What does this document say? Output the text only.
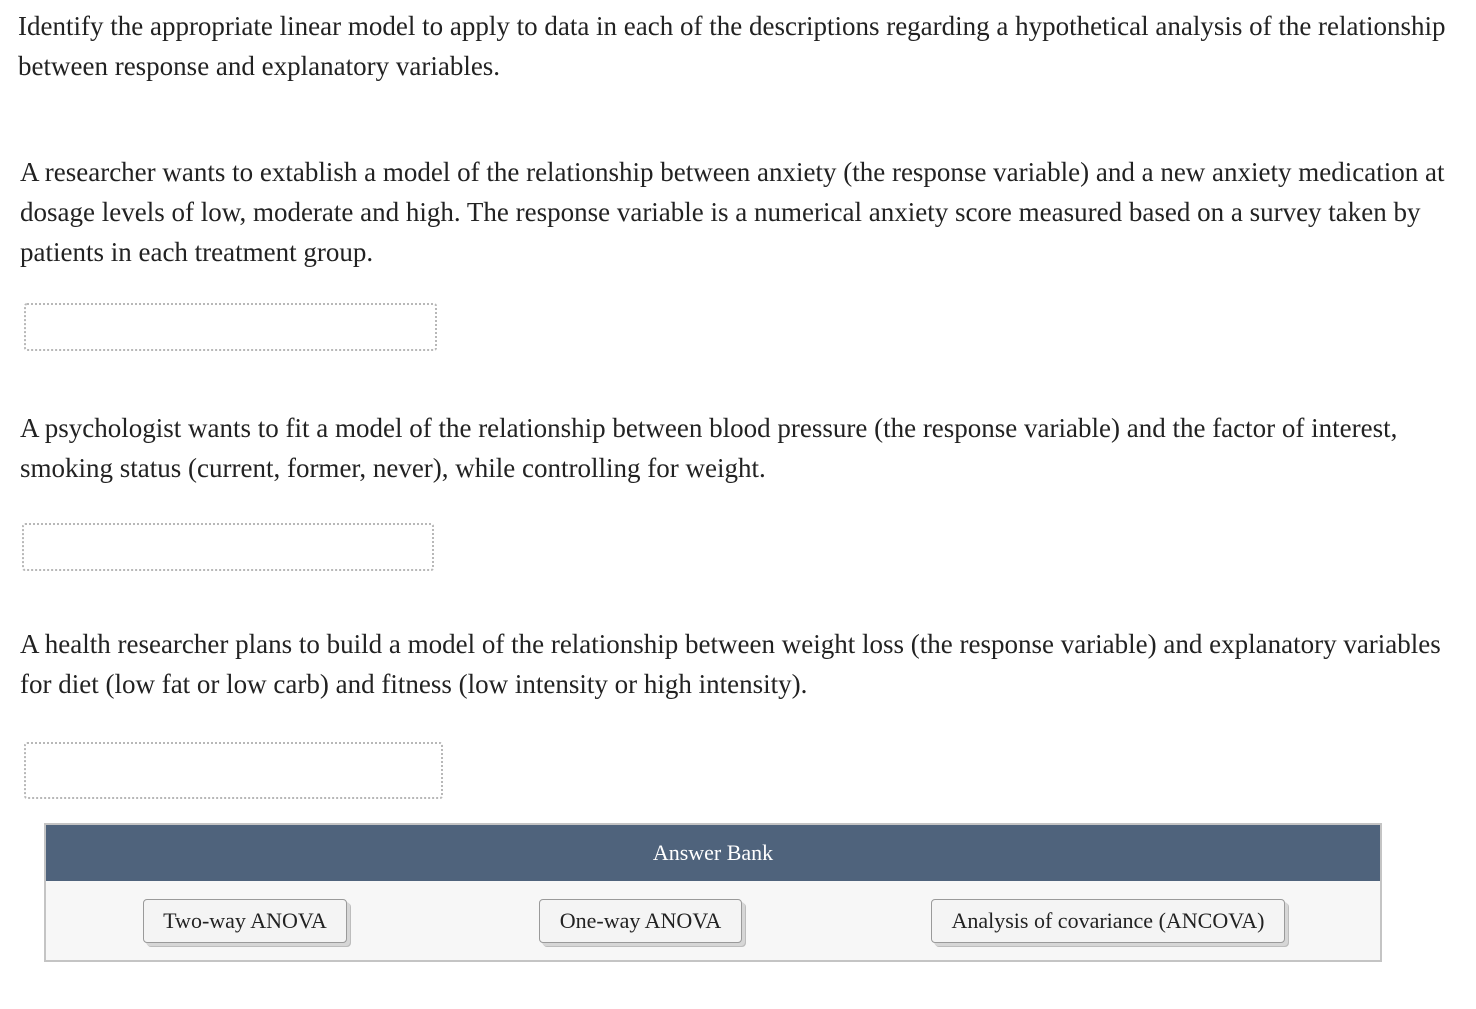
Identify the appropriate linear model to apply to data in each of the descriptions regarding a hypothetical analysis of the relationship between response and explanatory variables.

A researcher wants to extablish a model of the relationship between anxiety (the response variable) and a new anxiety medication at dosage levels of low, moderate and high. The response variable is a numerical anxiety score measured based on a survey taken by patients in each treatment group.

A psychologist wants to fit a model of the relationship between blood pressure (the response variable) and the factor of interest, smoking status (current, former, never), while controlling for weight.

A health researcher plans to build a model of the relationship between weight loss (the response variable) and explanatory variables for diet (low fat or low carb) and fitness (low intensity or high intensity).

Answer Bank
Two-way ANOVA	One-way ANOVA	Analysis of covariance (ANCOVA)
